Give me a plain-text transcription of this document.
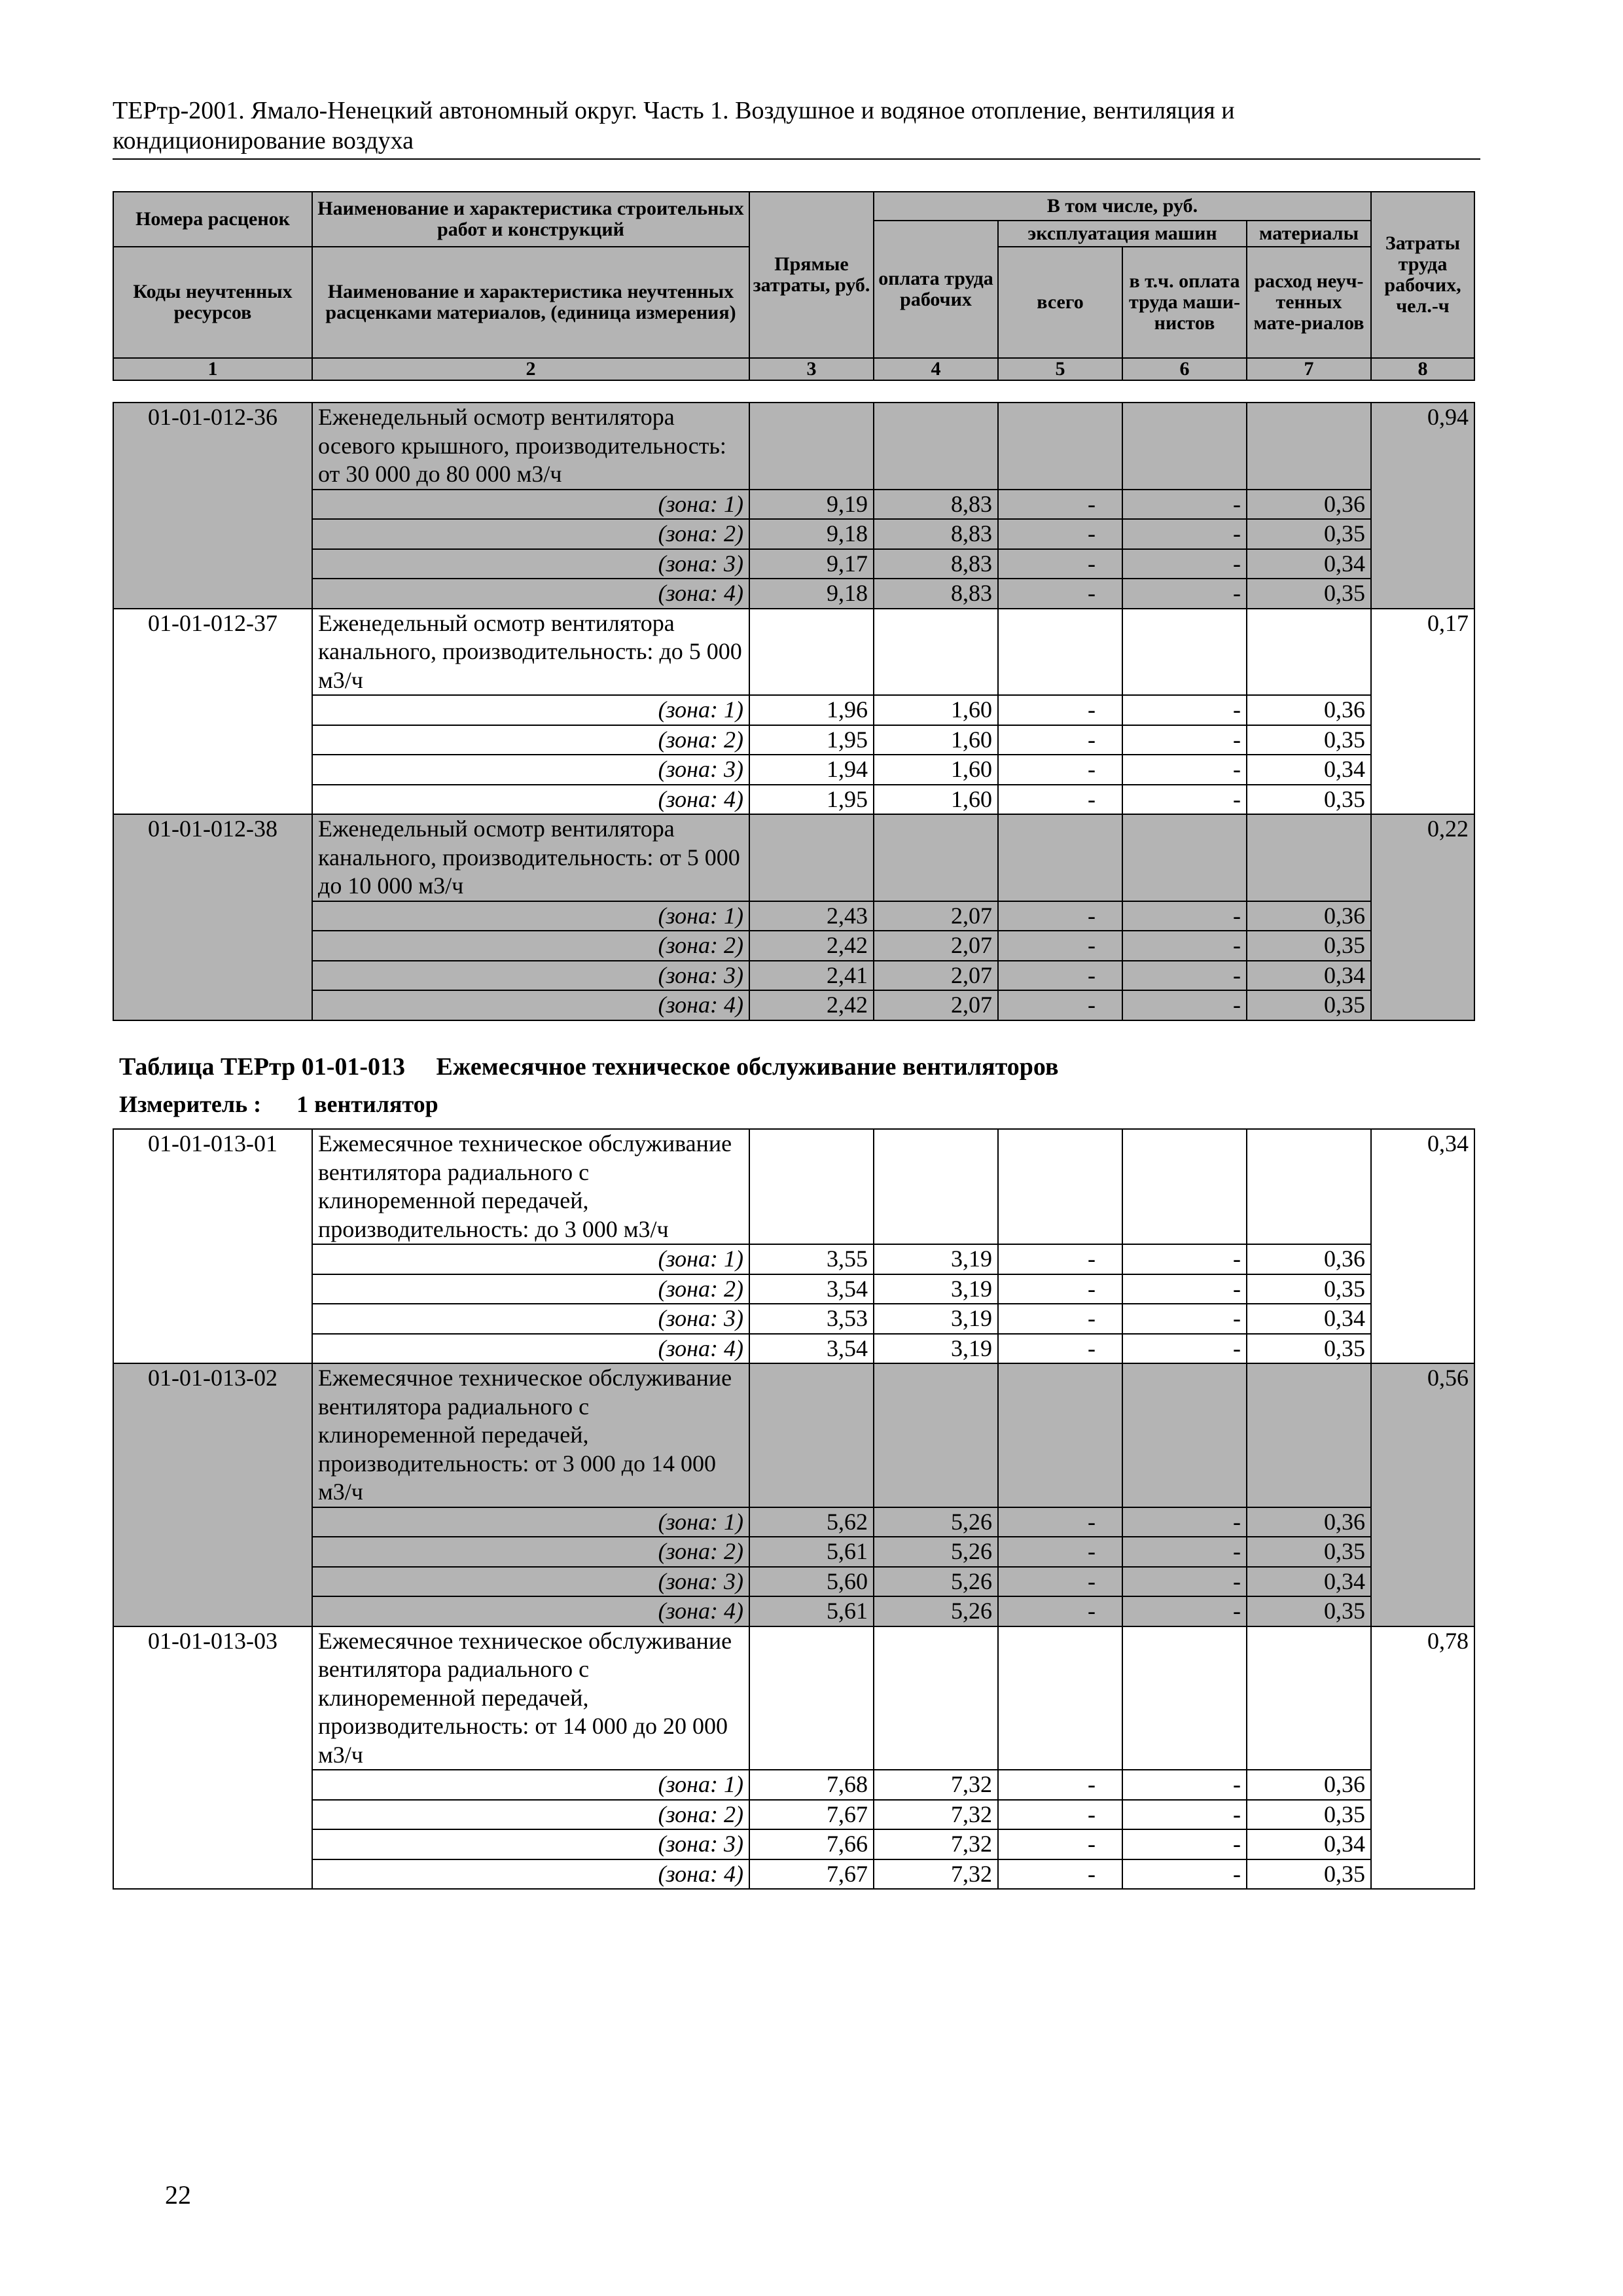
ТЕРтр-2001. Ямало-Ненецкий автономный округ. Часть 1. Воздушное и водяное отопление, вентиляция и
кондиционирование воздуха
Номера расценок	Наименование и характеристика строительных работ и конструкций	Прямые затраты, руб.	В том числе, руб.				Затраты труда рабочих, чел.-ч
			оплата труда рабочих	эксплуатация машин		материалы	
Коды неучтенных ресурсов	Наименование и характеристика неучтенных расценками материалов, (единица измерения)			всего	в т.ч. оплата труда маши-нистов	расход неуч-тенных мате-риалов	

1	2	3	4	5	6	7	8
01-01-012-36	Еженедельный осмотр вентилятора осевого крышного, производительность: от 30 000 до 80 000 м3/ч						0,94
	(зона: 1)	9,19	8,83	-	-	0,36	
	(зона: 2)	9,18	8,83	-	-	0,35	
	(зона: 3)	9,17	8,83	-	-	0,34	
	(зона: 4)	9,18	8,83	-	-	0,35	
01-01-012-37	Еженедельный осмотр вентилятора канального, производительность: до 5 000 м3/ч						0,17
	(зона: 1)	1,96	1,60	-	-	0,36	
	(зона: 2)	1,95	1,60	-	-	0,35	
	(зона: 3)	1,94	1,60	-	-	0,34	
	(зона: 4)	1,95	1,60	-	-	0,35	
01-01-012-38	Еженедельный осмотр вентилятора канального, производительность: от 5 000 до 10 000 м3/ч						0,22
	(зона: 1)	2,43	2,07	-	-	0,36	
	(зона: 2)	2,42	2,07	-	-	0,35	
	(зона: 3)	2,41	2,07	-	-	0,34	
	(зона: 4)	2,42	2,07	-	-	0,35	
Таблица ТЕРтр 01-01-013     Ежемесячное техническое обслуживание вентиляторов
Измеритель :      1 вентилятор
01-01-013-01	Ежемесячное техническое обслуживание вентилятора радиального с клиноременной передачей, производительность: до 3 000 м3/ч						0,34
	(зона: 1)	3,55	3,19	-	-	0,36	
	(зона: 2)	3,54	3,19	-	-	0,35	
	(зона: 3)	3,53	3,19	-	-	0,34	
	(зона: 4)	3,54	3,19	-	-	0,35	
01-01-013-02	Ежемесячное техническое обслуживание вентилятора радиального с клиноременной передачей, производительность: от 3 000 до 14 000 м3/ч						0,56
	(зона: 1)	5,62	5,26	-	-	0,36	
	(зона: 2)	5,61	5,26	-	-	0,35	
	(зона: 3)	5,60	5,26	-	-	0,34	
	(зона: 4)	5,61	5,26	-	-	0,35	
01-01-013-03	Ежемесячное техническое обслуживание вентилятора радиального с клиноременной передачей, производительность: от 14 000 до 20 000 м3/ч						0,78
	(зона: 1)	7,68	7,32	-	-	0,36	
	(зона: 2)	7,67	7,32	-	-	0,35	
	(зона: 3)	7,66	7,32	-	-	0,34	
	(зона: 4)	7,67	7,32	-	-	0,35	
22
